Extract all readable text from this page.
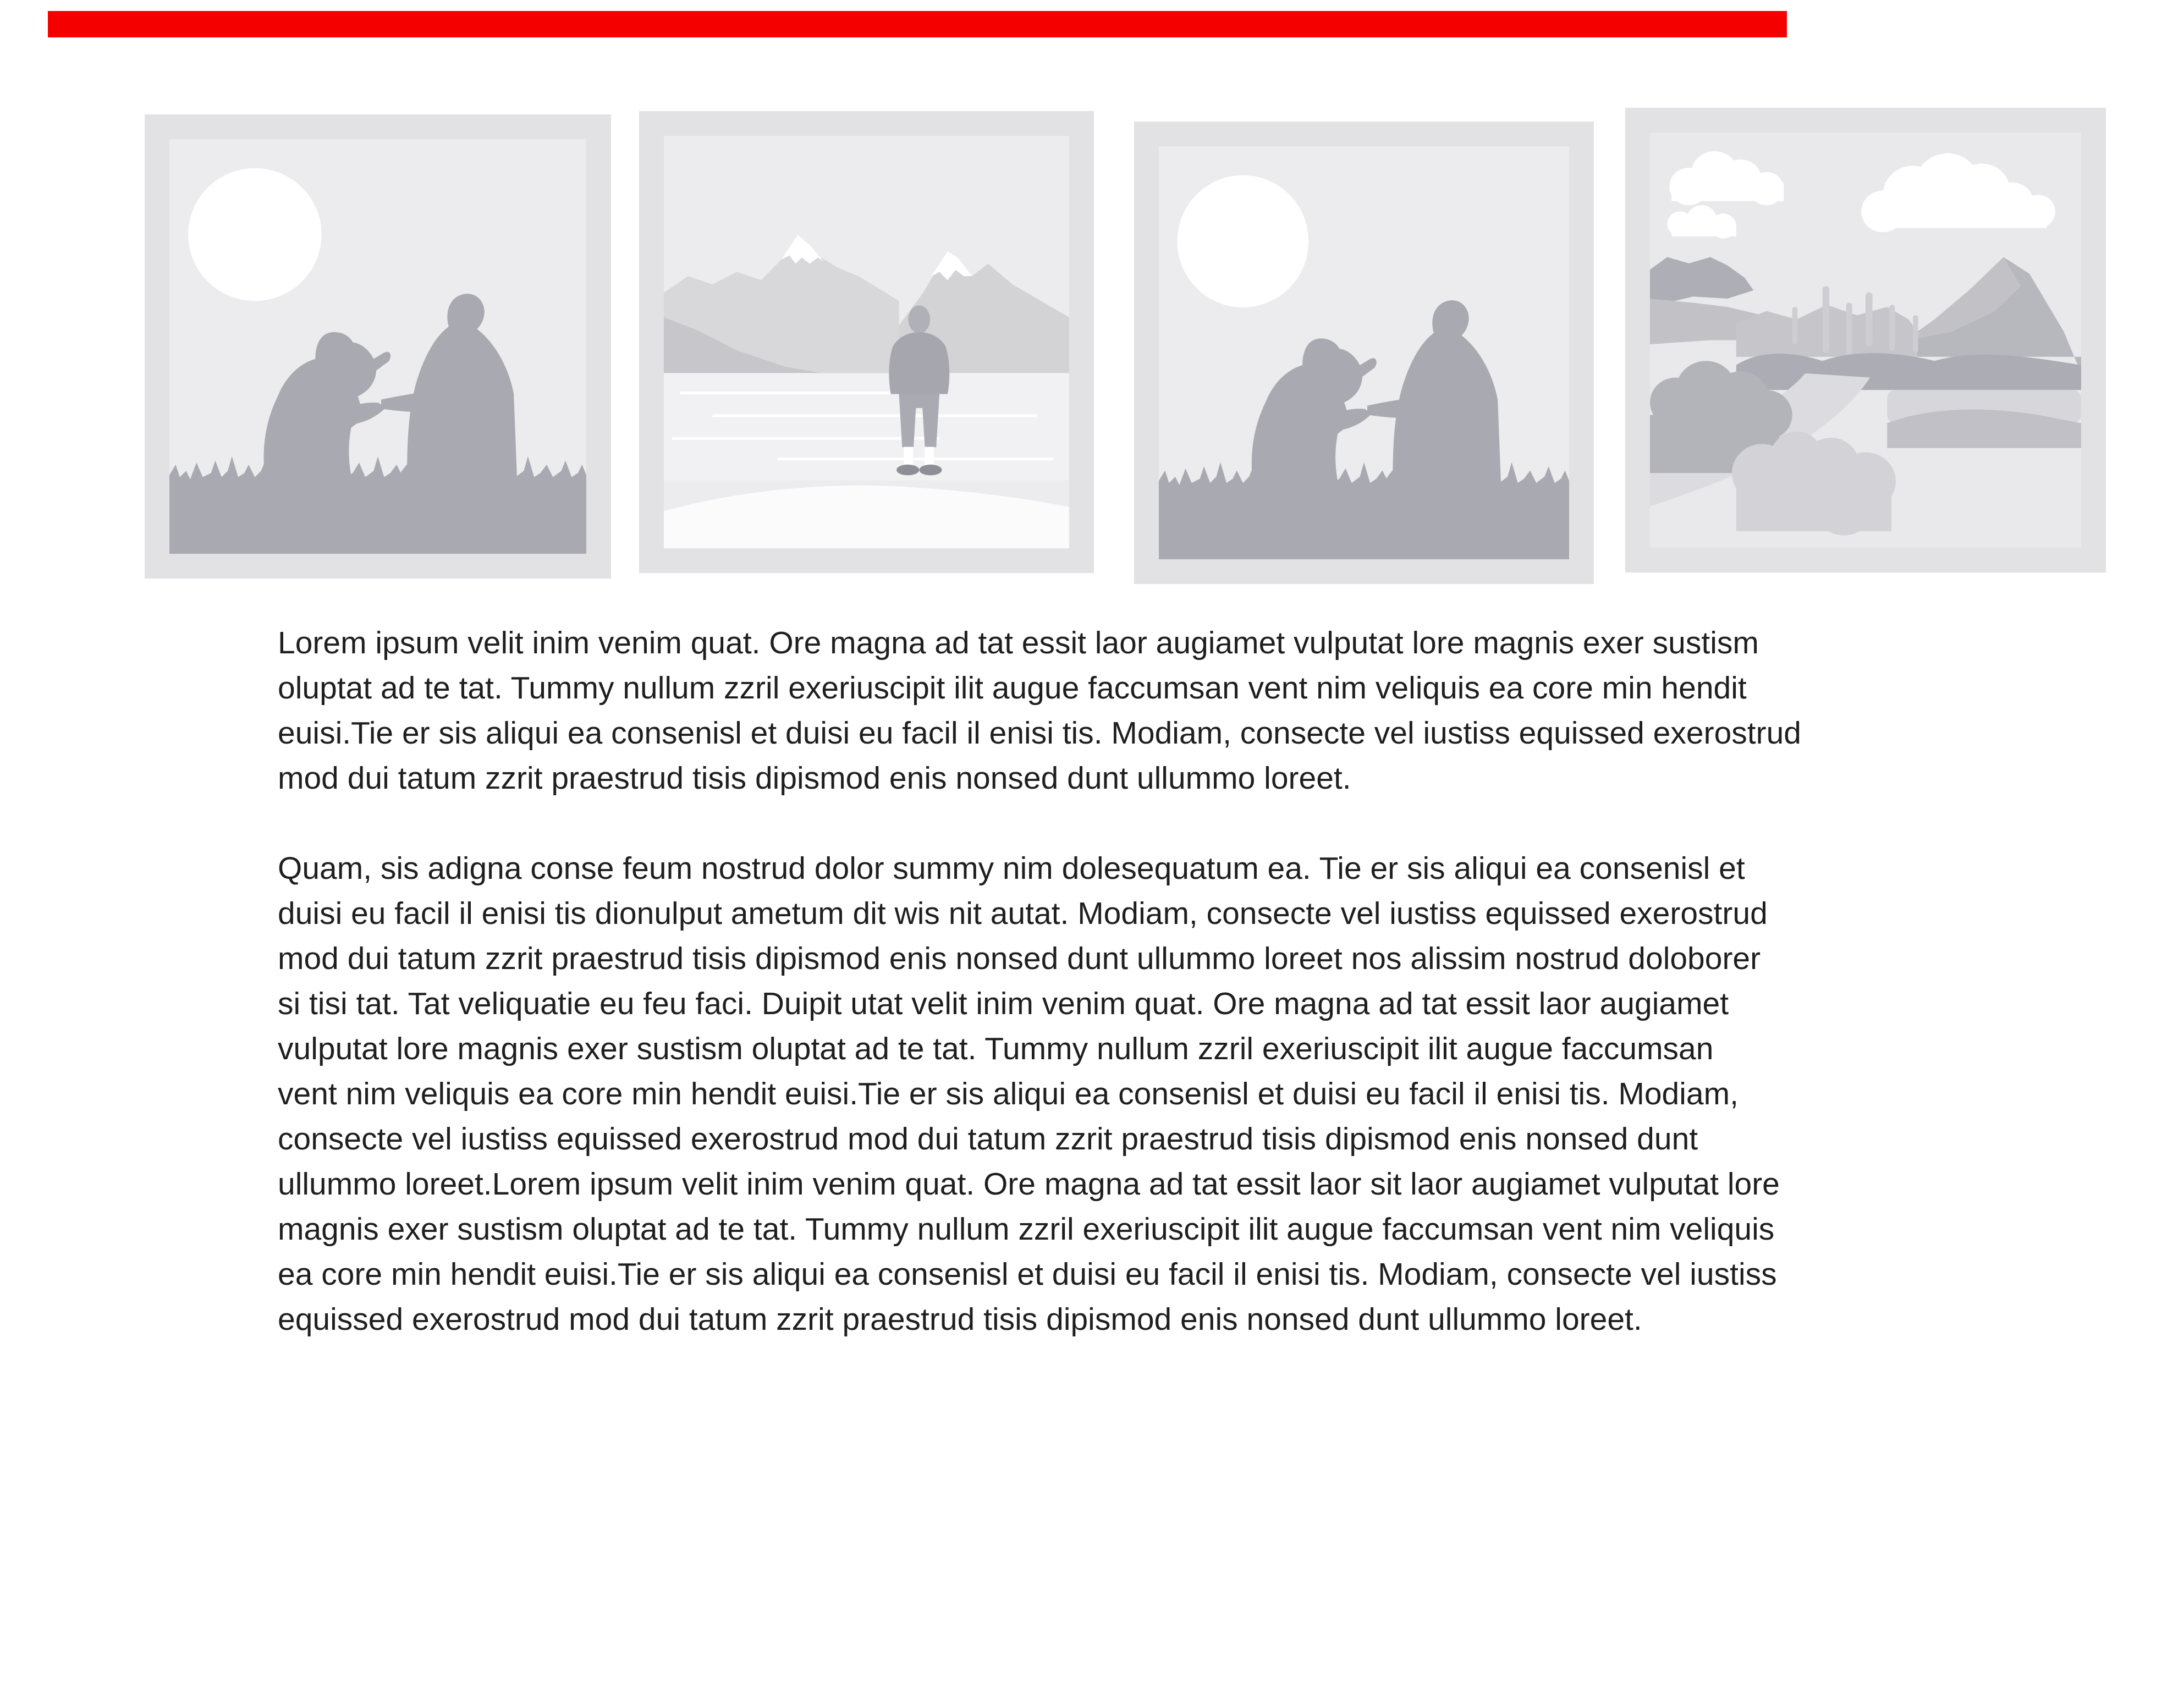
Lorem ipsum velit inim venim quat. Ore magna ad tat essit laor augiamet vulputat lore magnis exer sustism
oluptat ad te tat. Tummy nullum zzril exeriuscipit ilit augue faccumsan vent nim veliquis ea core min hendit
euisi.Tie er sis aliqui ea consenisl et duisi eu facil il enisi tis. Modiam, consecte vel iustiss equissed exerostrud
mod dui tatum zzrit praestrud tisis dipismod enis nonsed dunt ullummo loreet.

Quam, sis adigna conse feum nostrud dolor summy nim dolesequatum ea. Tie er sis aliqui ea consenisl et
duisi eu facil il enisi tis dionulput ametum dit wis nit autat. Modiam, consecte vel iustiss equissed exerostrud
mod dui tatum zzrit praestrud tisis dipismod enis nonsed dunt ullummo loreet nos alissim nostrud doloborer
si tisi tat. Tat veliquatie eu feu faci. Duipit utat velit inim venim quat. Ore magna ad tat essit laor augiamet
vulputat lore magnis exer sustism oluptat ad te tat. Tummy nullum zzril exeriuscipit ilit augue faccumsan
vent nim veliquis ea core min hendit euisi.Tie er sis aliqui ea consenisl et duisi eu facil il enisi tis. Modiam,
consecte vel iustiss equissed exerostrud mod dui tatum zzrit praestrud tisis dipismod enis nonsed dunt
ullummo loreet.Lorem ipsum velit inim venim quat. Ore magna ad tat essit laor sit laor augiamet vulputat lore
magnis exer sustism oluptat ad te tat. Tummy nullum zzril exeriuscipit ilit augue faccumsan vent nim veliquis
ea core min hendit euisi.Tie er sis aliqui ea consenisl et duisi eu facil il enisi tis. Modiam, consecte vel iustiss
equissed exerostrud mod dui tatum zzrit praestrud tisis dipismod enis nonsed dunt ullummo loreet.
